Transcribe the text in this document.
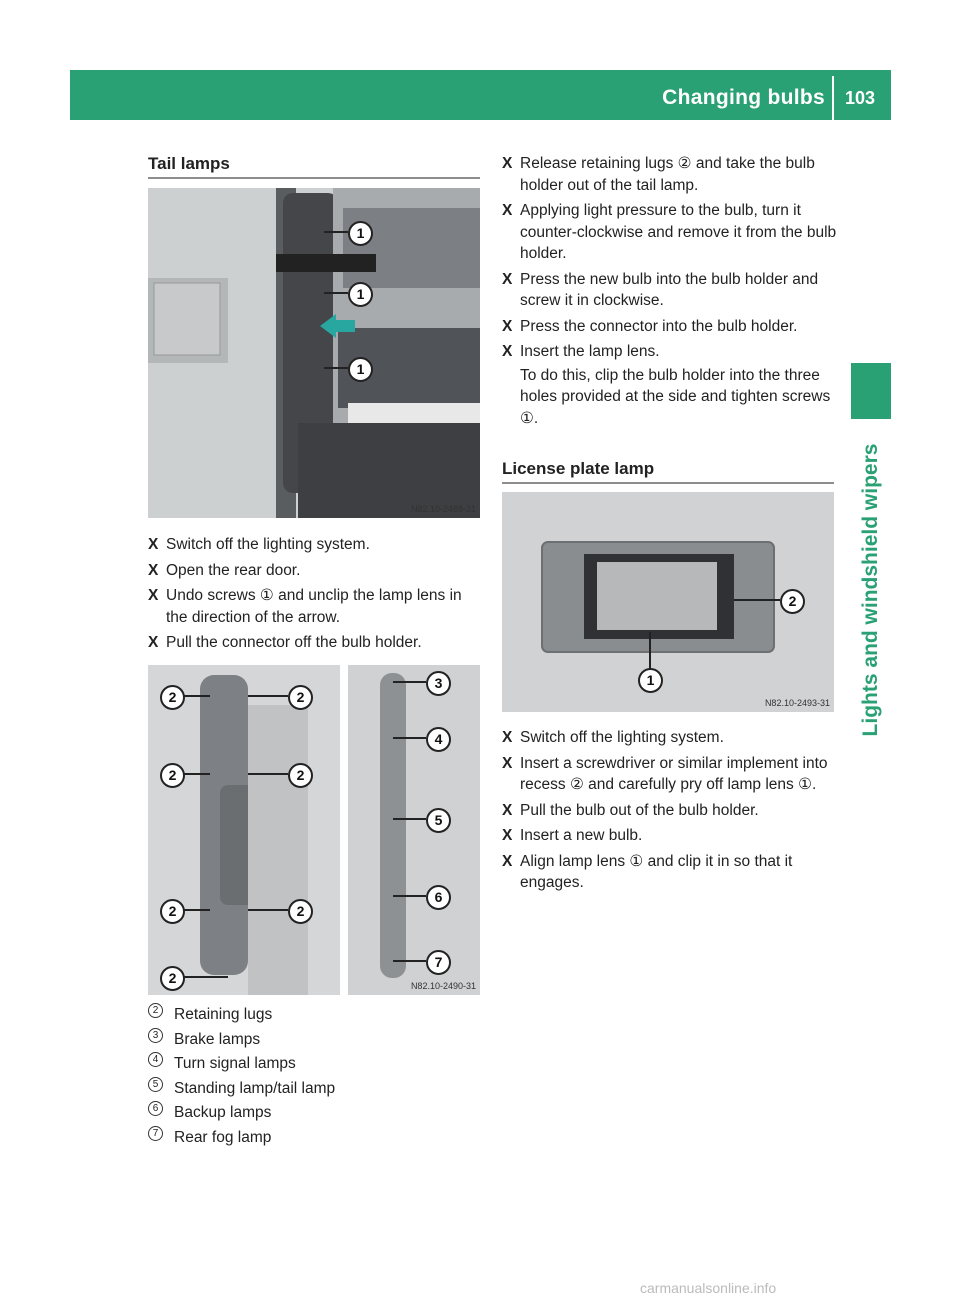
Changing bulbs 103
Lights and windshield wipers
Tail lamps
1
1
1
N82.10-2488-31
X Switch off the lighting system.
X Open the rear door.
X Undo screws ① and unclip the lamp lens in the direction of the arrow.
X Pull the connector off the bulb holder.
2	2
2	2
2	2
2
3
4
5
6
7
N82.10-2490-31
2	Retaining lugs
3	Brake lamps
4	Turn signal lamps
5	Standing lamp/tail lamp
6	Backup lamps
7	Rear fog lamp
X Release retaining lugs ② and take the bulb holder out of the tail lamp.
X Applying light pressure to the bulb, turn it counter-clockwise and remove it from the bulb holder.
X Press the new bulb into the bulb holder and screw it in clockwise.
X Press the connector into the bulb holder.
X Insert the lamp lens.
To do this, clip the bulb holder into the three holes provided at the side and tighten screws ①.
License plate lamp
2
1
N82.10-2493-31
X Switch off the lighting system.
X Insert a screwdriver or similar implement into recess ② and carefully pry off lamp lens ①.
X Pull the bulb out of the bulb holder.
X Insert a new bulb.
X Align lamp lens ① and clip it in so that it engages.
carmanualsonline.info
